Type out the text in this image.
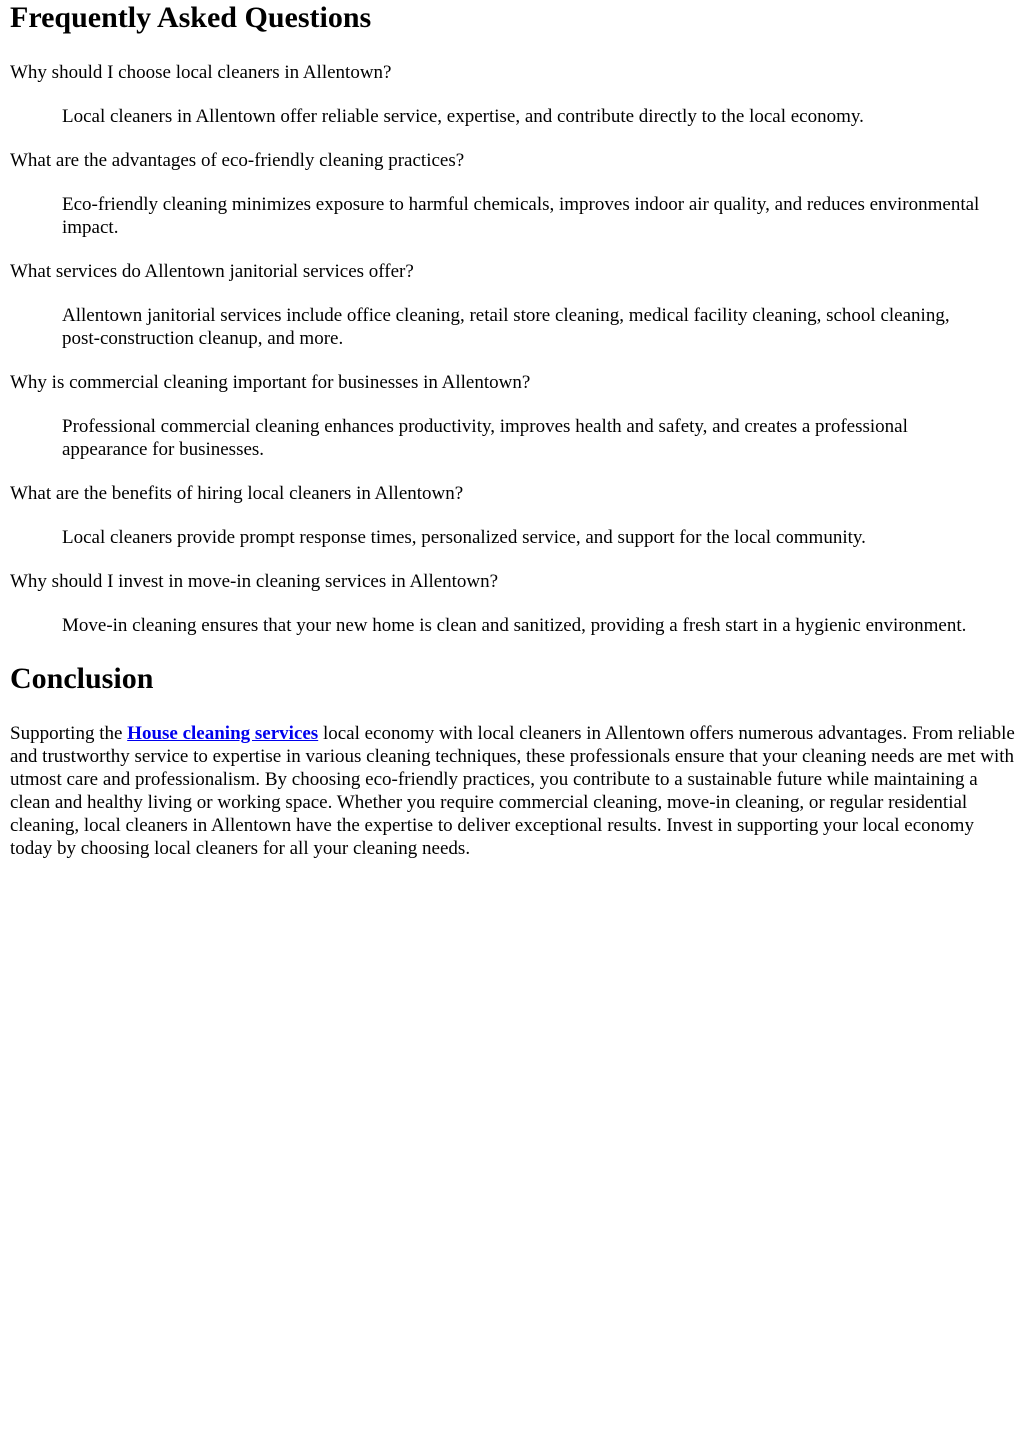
Frequently Asked Questions
Why should I choose local cleaners in Allentown?
Local cleaners in Allentown offer reliable service, expertise, and contribute directly to the local economy.
What are the advantages of eco-friendly cleaning practices?
Eco-friendly cleaning minimizes exposure to harmful chemicals, improves indoor air quality, and reduces environmental impact.
What services do Allentown janitorial services offer?
Allentown janitorial services include office cleaning, retail store cleaning, medical facility cleaning, school cleaning, post-construction cleanup, and more.
Why is commercial cleaning important for businesses in Allentown?
Professional commercial cleaning enhances productivity, improves health and safety, and creates a professional appearance for businesses.
What are the benefits of hiring local cleaners in Allentown?
Local cleaners provide prompt response times, personalized service, and support for the local community.
Why should I invest in move-in cleaning services in Allentown?
Move-in cleaning ensures that your new home is clean and sanitized, providing a fresh start in a hygienic environment.
Conclusion

Supporting the House cleaning services local economy with local cleaners in Allentown offers numerous advantages. From reliable and trustworthy service to expertise in various cleaning techniques, these professionals ensure that your cleaning needs are met with utmost care and professionalism. By choosing eco-friendly practices, you contribute to a sustainable future while maintaining a clean and healthy living or working space. Whether you require commercial cleaning, move-in cleaning, or regular residential cleaning, local cleaners in Allentown have the expertise to deliver exceptional results. Invest in supporting your local economy today by choosing local cleaners for all your cleaning needs.
